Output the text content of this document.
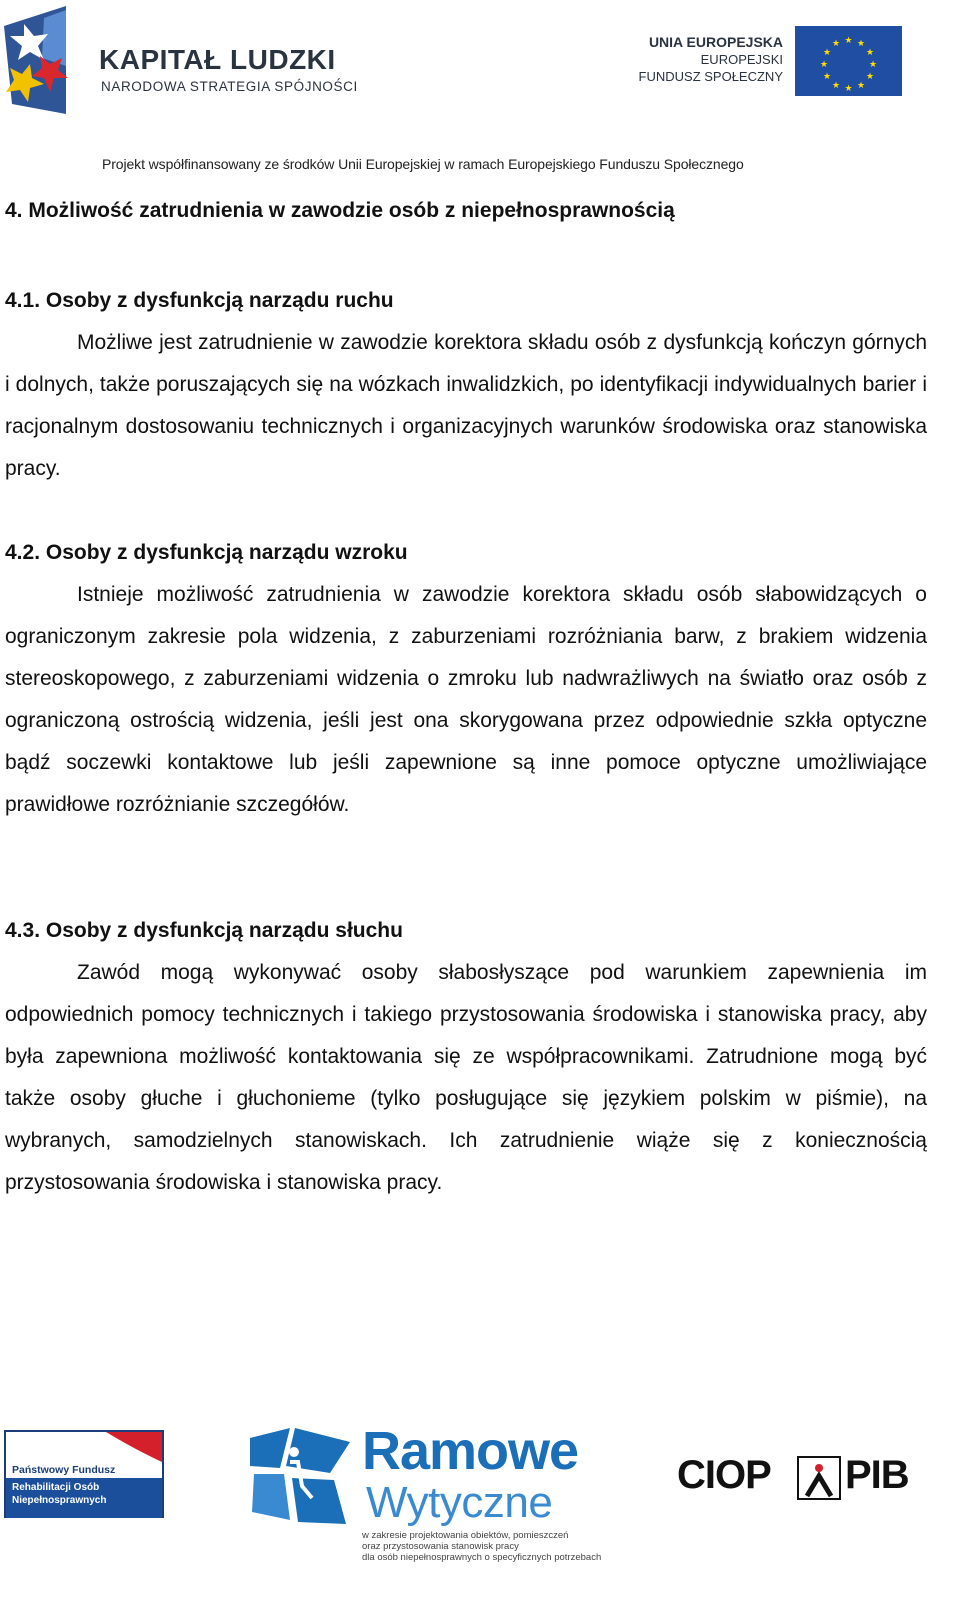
KAPITAŁ LUDZKI
NARODOWA STRATEGIA SPÓJNOŚCI
UNIA EUROPEJSKA
EUROPEJSKI
FUNDUSZ SPOŁECZNY
★ ★
★
★
★
★
★
★
★
★
★
★
Projekt współfinansowany ze środków Unii Europejskiej w ramach Europejskiego Funduszu Społecznego
4. Możliwość zatrudnienia w zawodzie osób z niepełnosprawnością
4.1. Osoby z dysfunkcją narządu ruchu

Możliwe jest zatrudnienie w zawodzie korektora składu osób z dysfunkcją kończyn górnych i dolnych, także poruszających się na wózkach inwalidzkich, po identyfikacji indywidualnych barier i racjonalnym dostosowaniu technicznych i organizacyjnych warunków środowiska oraz stanowiska pracy.

4.2. Osoby z dysfunkcją narządu wzroku

Istnieje możliwość zatrudnienia w zawodzie korektora składu osób słabowidzących o ograniczonym zakresie pola widzenia, z zaburzeniami rozróżniania barw, z brakiem widzenia stereoskopowego, z zaburzeniami widzenia o zmroku lub nadwrażliwych na światło oraz osób z ograniczoną ostrością widzenia, jeśli jest ona skorygowana przez odpowiednie szkła optyczne bądź soczewki kontaktowe lub jeśli zapewnione są inne pomoce optyczne umożliwiające prawidłowe rozróżnianie szczegółów.

4.3. Osoby z dysfunkcją narządu słuchu

Zawód mogą wykonywać osoby słabosłyszące pod warunkiem zapewnienia im odpowiednich pomocy technicznych i takiego przystosowania środowiska i stanowiska pracy, aby była zapewniona możliwość kontaktowania się ze współpracownikami. Zatrudnione mogą być także osoby głuche i głuchonieme (tylko posługujące się językiem polskim w piśmie), na wybranych, samodzielnych stanowiskach. Ich zatrudnienie wiąże się z koniecznością przystosowania środowiska i stanowiska pracy.

Państwowy Fundusz
Rehabilitacji Osób
Niepełnosprawnych
Ramowe
Wytyczne
w zakresie projektowania obiektów, pomieszczeń
oraz przystosowania stanowisk pracy
dla osób niepełnosprawnych o specyficznych potrzebach
CIOP PIB
